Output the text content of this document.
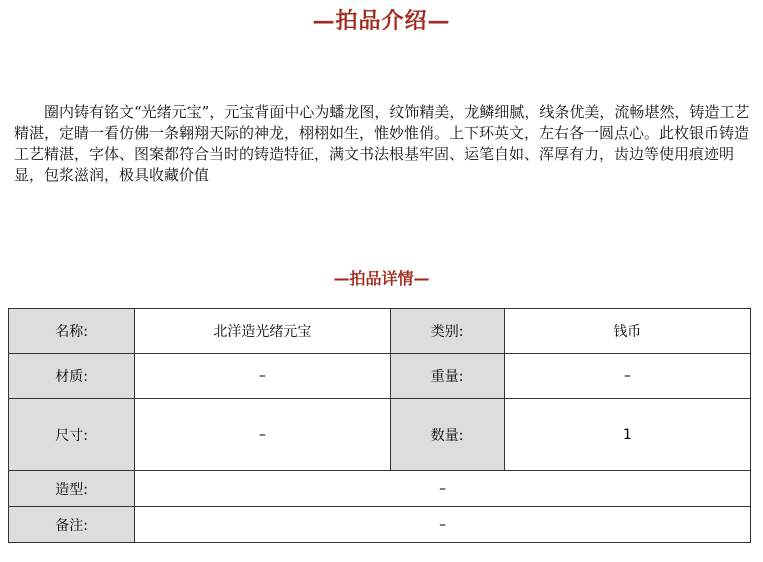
—拍品介绍—

圈内铸有铭文“光绪元宝”，元宝背面中心为蟠龙图，纹饰精美，龙鳞细腻，线条优美，流畅堪然，铸造工艺精湛，定睛一看仿佛一条翱翔天际的神龙，栩栩如生，惟妙惟俏。上下环英文，左右各一圆点心。此枚银币铸造工艺精湛，字体、图案都符合当时的铸造特征，满文书法根基牢固、运笔自如、浑厚有力，齿边等使用痕迹明显，包浆滋润，极具收藏价值

—拍品详情—
名称:	北洋造光绪元宝	类别:	钱币
材质:	–	重量:	–
尺寸:	–	数量:	1
造型:	–		
备注:	–		
